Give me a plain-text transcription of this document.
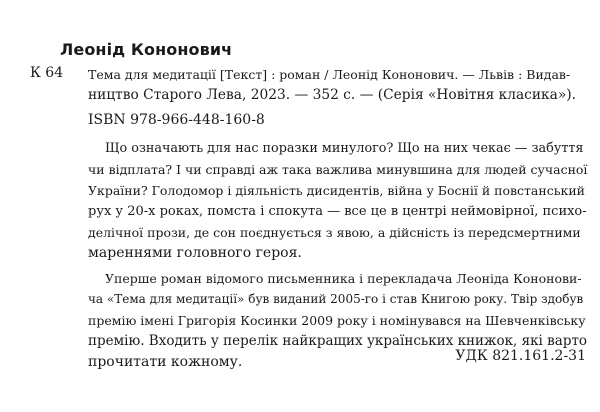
Леонід Кононович
К 64 Тема для медитації [Текст] : роман / Леонід Кононович. — Львів : Видав-
ництво Старого Лева, 2023. — 352 с. — (Серія «Новітня класика»).
ISBN 978-966-448-160-8
Що означають для нас поразки минулого? Що на них чекає — забуття
чи відплата? І чи справді аж така важлива минувшина для людей сучасної
України? Голодомор і діяльність дисидентів, війна у Боснії й повстанський
рух у 20-х роках, помста і спокута — все це в центрі неймовірної, психо-
делічної прози, де сон поєднується з явою, а дійсність із передсмертними
мареннями головного героя.
Уперше роман відомого письменника і перекладача Леоніда Кононови-
ча «Тема для медитації» був виданий 2005-го і став Книгою року. Твір здобув
премію імені Григорія Косинки 2009 року і номінувався на Шевченківську
премію. Входить у перелік найкращих українських книжок, які варто
прочитати кожному.	УДК 821.161.2-31
